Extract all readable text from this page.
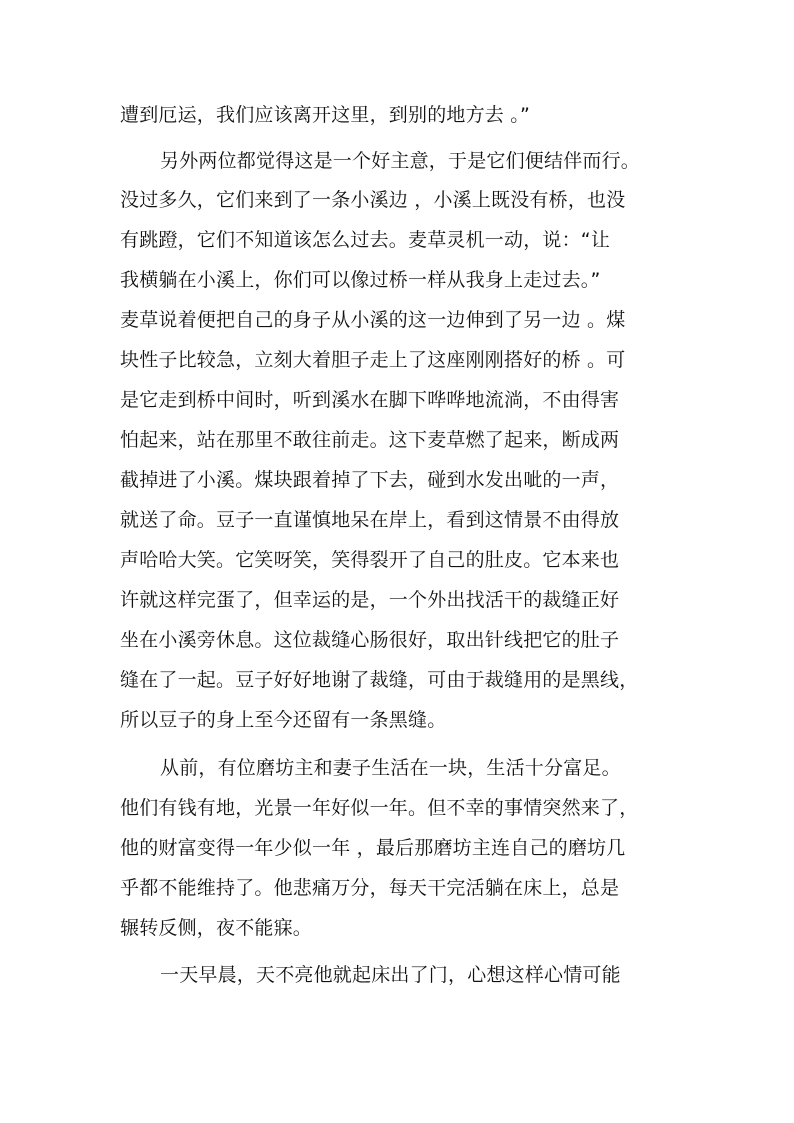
遭到厄运，我们应该离开这里，到别的地方去 。”
另外两位都觉得这是一个好主意，于是它们便结伴而行。
没过多久，它们来到了一条小溪边 ，小溪上既没有桥，也没
有跳蹬，它们不知道该怎么过去。麦草灵机一动，说：“让
我横躺在小溪上，你们可以像过桥一样从我身上走过去。”
麦草说着便把自己的身子从小溪的这一边伸到了另一边 。煤
块性子比较急，立刻大着胆子走上了这座刚刚搭好的桥 。可
是它走到桥中间时，听到溪水在脚下哗哗地流淌，不由得害
怕起来，站在那里不敢往前走。这下麦草燃了起来，断成两
截掉进了小溪。煤块跟着掉了下去，碰到水发出呲的一声，
就送了命。豆子一直谨慎地呆在岸上，看到这情景不由得放
声哈哈大笑。它笑呀笑，笑得裂开了自己的肚皮。它本来也
许就这样完蛋了，但幸运的是，一个外出找活干的裁缝正好
坐在小溪旁休息。这位裁缝心肠很好，取出针线把它的肚子
缝在了一起。豆子好好地谢了裁缝，可由于裁缝用的是黑线，
所以豆子的身上至今还留有一条黑缝。
从前，有位磨坊主和妻子生活在一块，生活十分富足。
他们有钱有地，光景一年好似一年。但不幸的事情突然来了，
他的财富变得一年少似一年 ，最后那磨坊主连自己的磨坊几
乎都不能维持了。他悲痛万分，每天干完活躺在床上，总是
辗转反侧，夜不能寐。
一天早晨，天不亮他就起床出了门，心想这样心情可能
